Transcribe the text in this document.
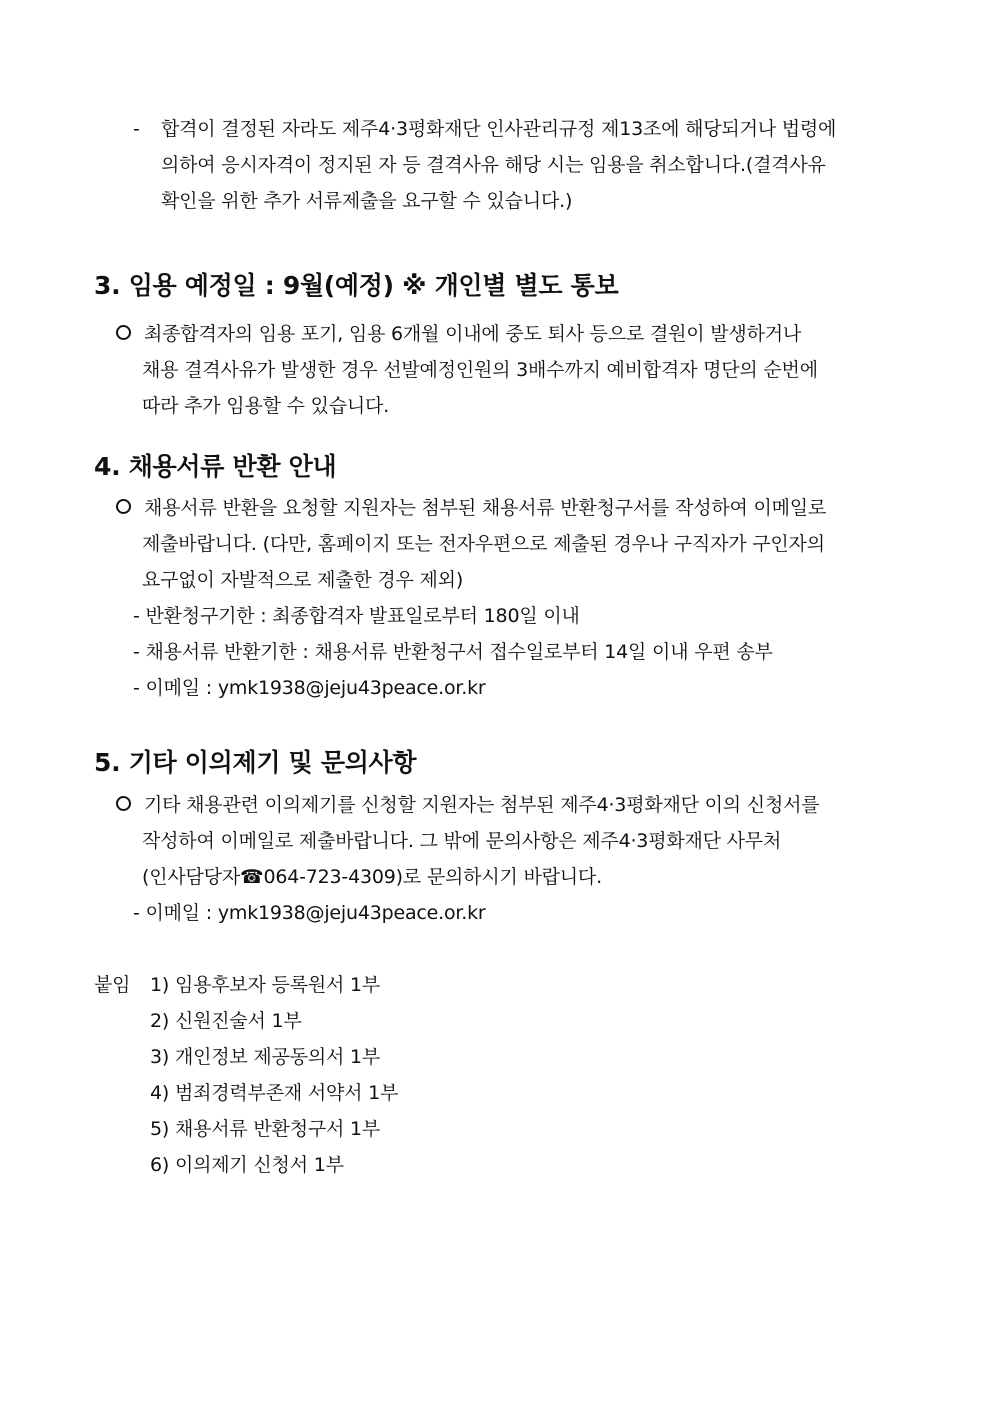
- 합격이 결정된 자라도 제주4·3평화재단 인사관리규정 제13조에 해당되거나 법령에
의하여 응시자격이 정지된 자 등 결격사유 해당 시는 임용을 취소합니다.(결격사유
확인을 위한 추가 서류제출을 요구할 수 있습니다.)
3. 임용 예정일 : 9월(예정) ※ 개인별 별도 통보
최종합격자의 임용 포기, 임용 6개월 이내에 중도 퇴사 등으로 결원이 발생하거나
채용 결격사유가 발생한 경우 선발예정인원의 3배수까지 예비합격자 명단의 순번에
따라 추가 임용할 수 있습니다.
4. 채용서류 반환 안내
채용서류 반환을 요청할 지원자는 첨부된 채용서류 반환청구서를 작성하여 이메일로
제출바랍니다. (다만, 홈페이지 또는 전자우편으로 제출된 경우나 구직자가 구인자의
요구없이 자발적으로 제출한 경우 제외)
- 반환청구기한 : 최종합격자 발표일로부터 180일 이내
- 채용서류 반환기한 : 채용서류 반환청구서 접수일로부터 14일 이내 우편 송부
- 이메일 : ymk1938@jeju43peace.or.kr
5. 기타 이의제기 및 문의사항
기타 채용관련 이의제기를 신청할 지원자는 첨부된 제주4·3평화재단 이의 신청서를
작성하여 이메일로 제출바랍니다. 그 밖에 문의사항은 제주4·3평화재단 사무처
(인사담당자☎064-723-4309)로 문의하시기 바랍니다.
- 이메일 : ymk1938@jeju43peace.or.kr
붙임 1) 임용후보자 등록원서 1부
2) 신원진술서 1부
3) 개인정보 제공동의서 1부
4) 범죄경력부존재 서약서 1부
5) 채용서류 반환청구서 1부
6) 이의제기 신청서 1부
